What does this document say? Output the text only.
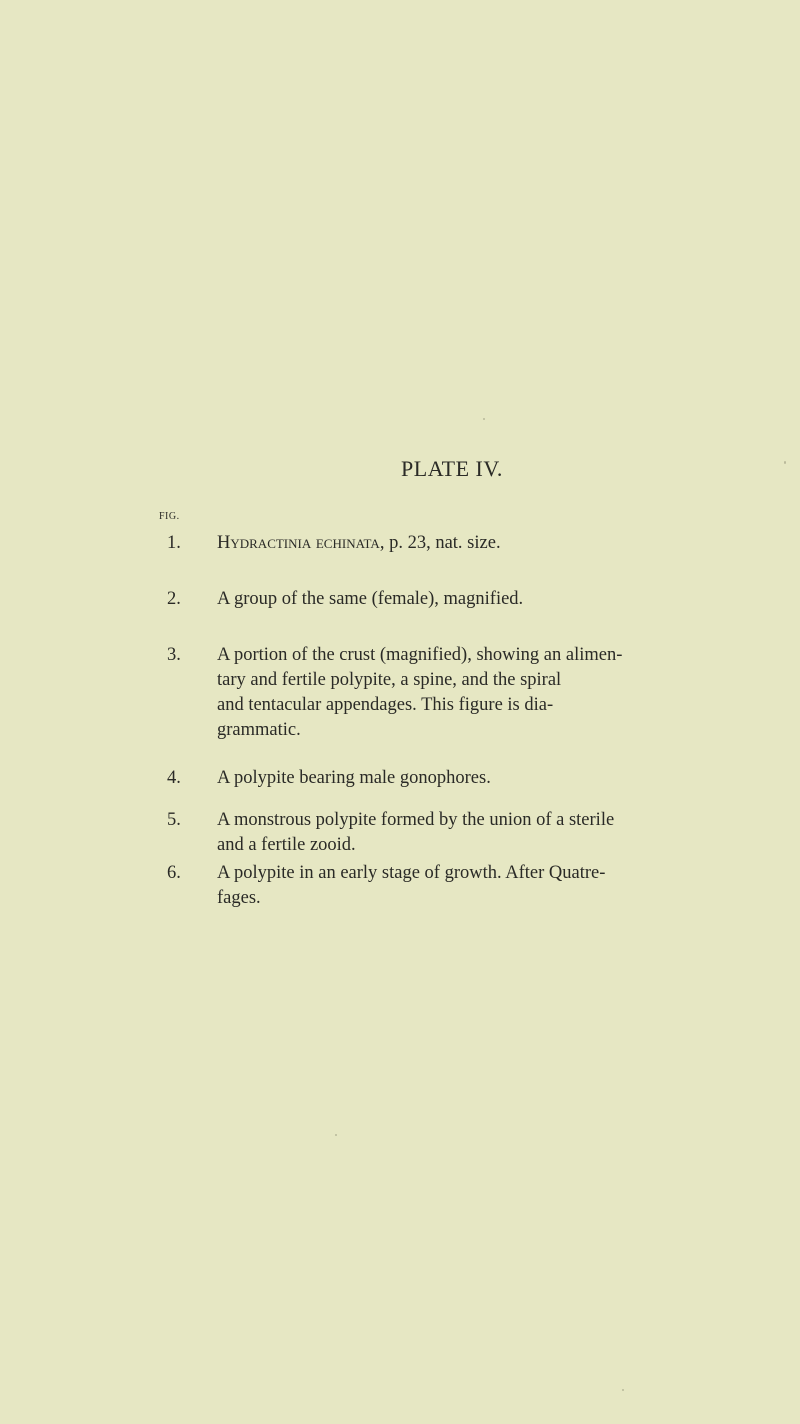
PLATE IV.
FIG.
1.	Hydractinia echinata, p. 23, nat. size.
2.	A group of the same (female), magnified.
3.	A portion of the crust (magnified), showing an alimen-
tary and fertile polypite, a spine, and the spiral
and tentacular appendages. This figure is dia-
grammatic.
4.	A polypite bearing male gonophores.
5.	A monstrous polypite formed by the union of a sterile
and a fertile zooid.
6.	A polypite in an early stage of growth. After Quatre-
fages.
